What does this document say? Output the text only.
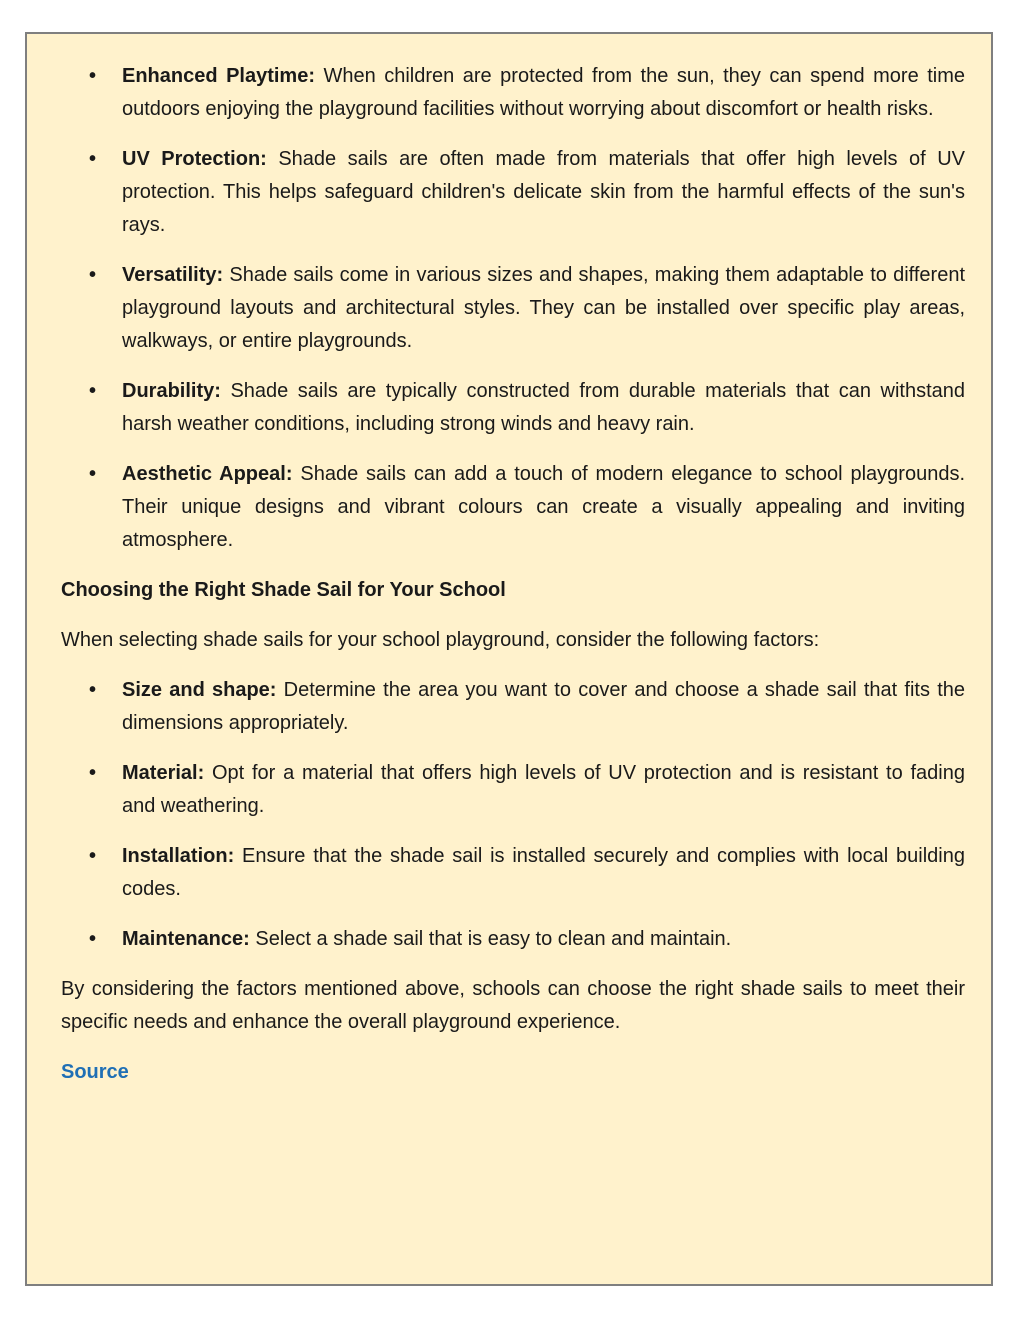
• Enhanced Playtime: When children are protected from the sun, they can spend more time outdoors enjoying the playground facilities without worrying about discomfort or health risks.
• UV Protection: Shade sails are often made from materials that offer high levels of UV protection. This helps safeguard children's delicate skin from the harmful effects of the sun's rays.
• Versatility: Shade sails come in various sizes and shapes, making them adaptable to different playground layouts and architectural styles. They can be installed over specific play areas, walkways, or entire playgrounds.
• Durability: Shade sails are typically constructed from durable materials that can withstand harsh weather conditions, including strong winds and heavy rain.
• Aesthetic Appeal: Shade sails can add a touch of modern elegance to school playgrounds. Their unique designs and vibrant colours can create a visually appealing and inviting atmosphere.

Choosing the Right Shade Sail for Your School

When selecting shade sails for your school playground, consider the following factors:

• Size and shape: Determine the area you want to cover and choose a shade sail that fits the dimensions appropriately.
• Material: Opt for a material that offers high levels of UV protection and is resistant to fading and weathering.
• Installation: Ensure that the shade sail is installed securely and complies with local building codes.
• Maintenance: Select a shade sail that is easy to clean and maintain.

By considering the factors mentioned above, schools can choose the right shade sails to meet their specific needs and enhance the overall playground experience.

Source
